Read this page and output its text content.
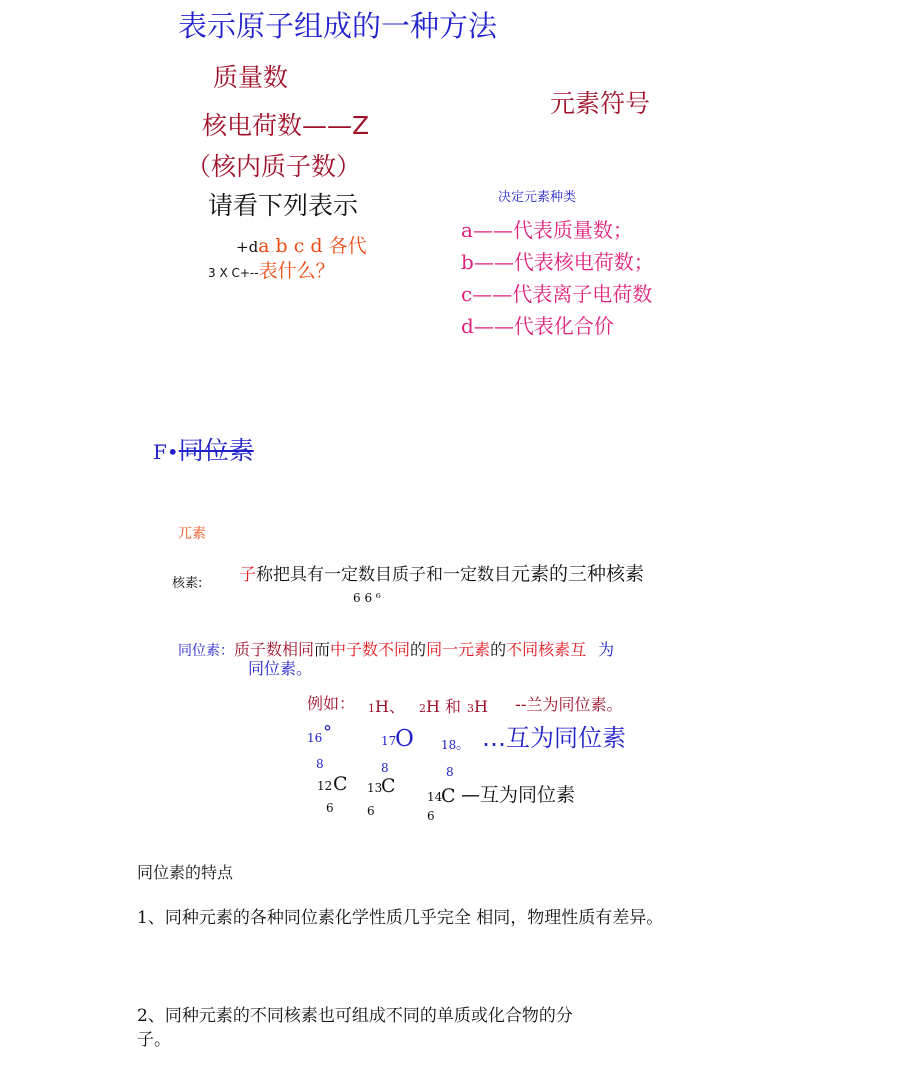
表示原子组成的一种方法
质量数
核电荷数——Z
（核内质子数）
元素符号
决定元素种类
请看下列表示
+da b c d 各代
3 X C+--表什么？
a——代表质量数；
b——代表核电荷数；
c——代表离子电荷数
d——代表化合价
F•同位素
兀素
核素: 子称把具有一定数目质子和一定数目元素的三种核素
6 6 ⁶
同位素：质子数相同而中子数不同的同一元素的不同核素互 为
同位素。
例如： 1H、 2H 和 3H --兰为同位素。
16 °	17
O 18 。 …互为同位素
8	8	8
12 C 13
C	14
C —互为同位素
6	6	6
同位素的特点
1、同种元素的各种同位素化学性质几乎完全 相同，物理性质有差异。
2、同种元素的不同核素也可组成不同的单质或化合物的分
子。
